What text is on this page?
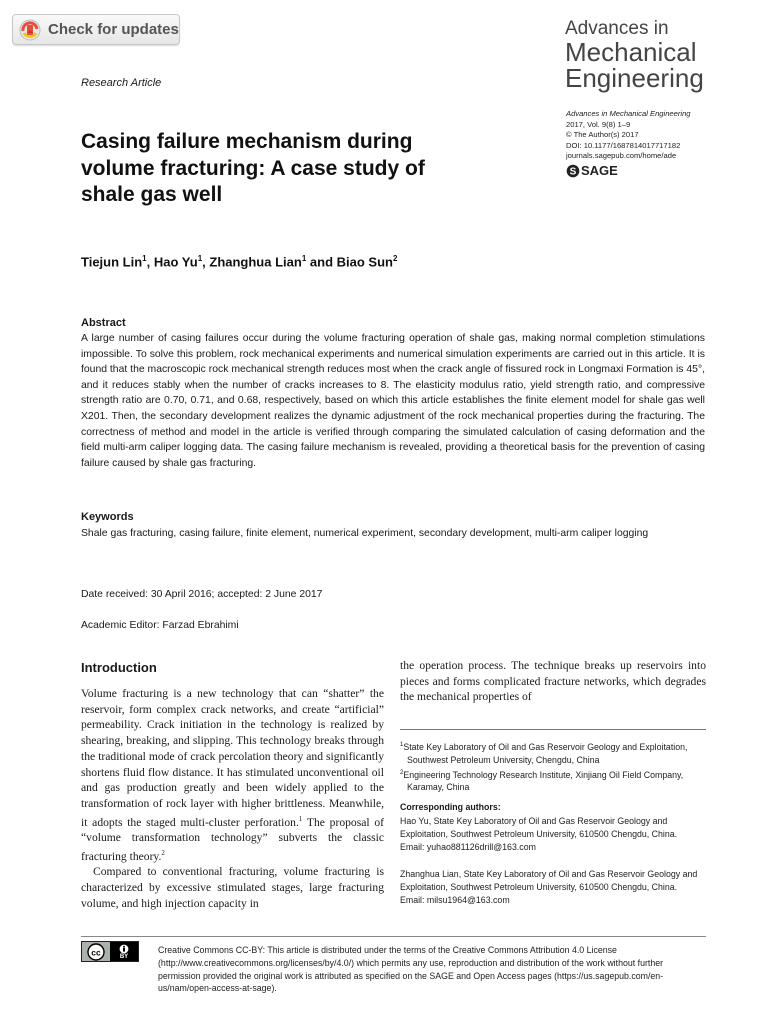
Check for updates
Research Article
Advances in
Mechanical
Engineering
Advances in Mechanical Engineering
2017, Vol. 9(8) 1–9
© The Author(s) 2017
DOI: 10.1177/1687814017717182
journals.sagepub.com/home/ade
S SAGE
Casing failure mechanism during
volume fracturing: A case study of
shale gas well
Tiejun Lin$^1$, Hao Yu$^1$, Zhanghua Lian$^1$ and Biao Sun$^2$
Abstract
A large number of casing failures occur during the volume fracturing operation of shale gas, making normal completion stimulations impossible. To solve this problem, rock mechanical experiments and numerical simulation experiments are carried out in this article. It is found that the macroscopic rock mechanical strength reduces most when the crack angle of fissured rock in Longmaxi Formation is 45°, and it reduces stably when the number of cracks increases to 8. The elasticity modulus ratio, yield strength ratio, and compressive strength ratio are 0.70, 0.71, and 0.68, respectively, based on which this article establishes the finite element model for shale gas well X201. Then, the secondary development realizes the dynamic adjustment of the rock mechanical properties during the fracturing. The correctness of method and model in the article is verified through comparing the simulated calculation of casing deformation and the field multi-arm caliper logging data. The casing failure mechanism is revealed, providing a theoretical basis for the prevention of casing failure caused by shale gas fracturing.
Keywords
Shale gas fracturing, casing failure, finite element, numerical experiment, secondary development, multi-arm caliper logging
Date received: 30 April 2016; accepted: 2 June 2017
Academic Editor: Farzad Ebrahimi
Introduction

Volume fracturing is a new technology that can “shatter” the reservoir, form complex crack networks, and create “artificial” permeability. Crack initiation in the technology is realized by shearing, breaking, and slipping. This technology breaks through the traditional mode of crack percolation theory and significantly shortens fluid flow distance. It has stimulated unconventional oil and gas production greatly and been widely applied to the transformation of rock layer with higher brittleness. Meanwhile, it adopts the staged multi-cluster perforation.$^1$ The proposal of “volume transformation technology” subverts the classic fracturing theory.$^2$

Compared to conventional fracturing, volume fracturing is characterized by excessive stimulated stages, large fracturing volume, and high injection capacity in

the operation process. The technique breaks up reservoirs into pieces and forms complicated fracture networks, which degrades the mechanical properties of
$^1$State Key Laboratory of Oil and Gas Reservoir Geology and Exploitation, Southwest Petroleum University, Chengdu, China
$^2$Engineering Technology Research Institute, Xinjiang Oil Field Company, Karamay, China
Corresponding authors:
Hao Yu, State Key Laboratory of Oil and Gas Reservoir Geology and Exploitation, Southwest Petroleum University, 610500 Chengdu, China.
Email: yuhao881126drill@163.com
Zhanghua Lian, State Key Laboratory of Oil and Gas Reservoir Geology and Exploitation, Southwest Petroleum University, 610500 Chengdu, China.
Email: milsu1964@163.com
cc	BY
Creative Commons CC-BY: This article is distributed under the terms of the Creative Commons Attribution 4.0 License (http://www.creativecommons.org/licenses/by/4.0/) which permits any use, reproduction and distribution of the work without further permission provided the original work is attributed as specified on the SAGE and Open Access pages (https://us.sagepub.com/en-us/nam/open-access-at-sage).
